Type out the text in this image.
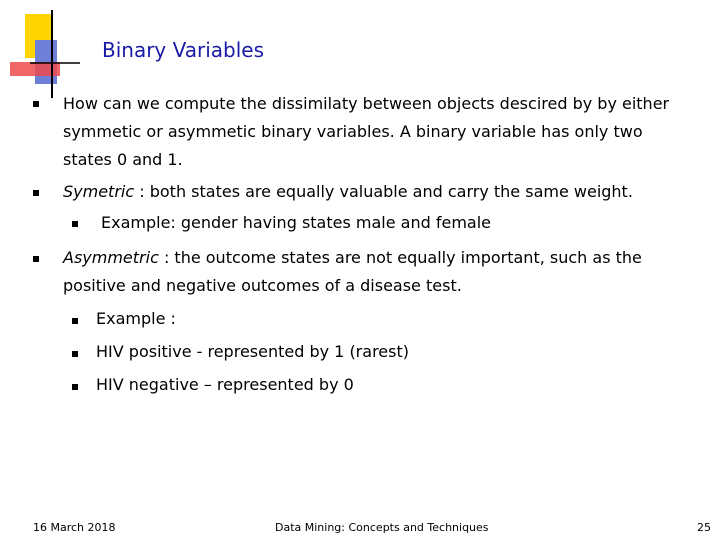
Binary Variables
How can we compute the dissimilaty between objects descired by by either
symmetic or asymmetic binary variables. A binary variable has only two
states 0 and 1.
Symetric : both states are equally valuable and carry the same weight.
Example: gender having states male and female
Asymmetric : the outcome states are not equally important, such as the
positive and negative outcomes of a disease test.
Example :
HIV positive - represented by 1 (rarest)
HIV negative – represented by 0
16 March 2018	Data Mining: Concepts and Techniques	25
